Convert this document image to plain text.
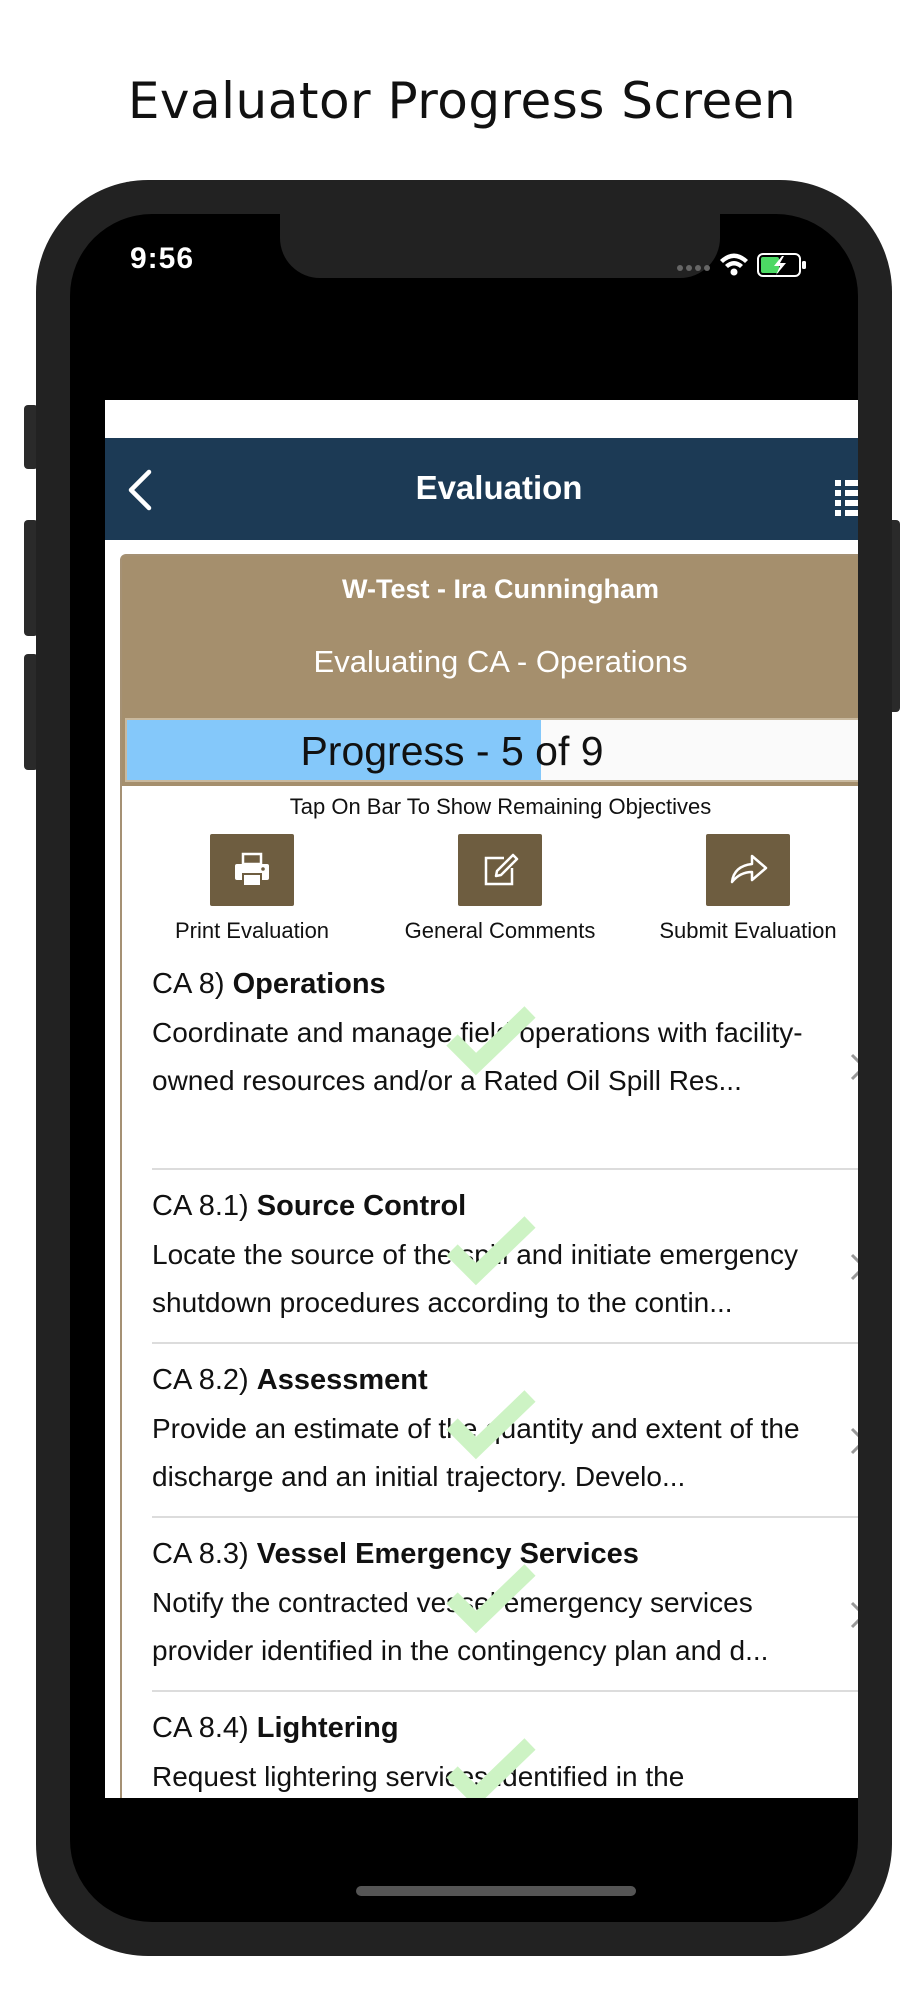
Evaluator Progress Screen
9:56
Evaluation
W-Test - Ira Cunningham
Evaluating CA - Operations
Progress - 5 of 9
Tap On Bar To Show Remaining Objectives
Print Evaluation	General Comments	Submit Evaluation
CA 8) Operations
Coordinate and manage field operations with facility-owned resources and/or a Rated Oil Spill Res...
CA 8.1) Source Control
Locate the source of the spill and initiate emergency shutdown procedures according to the contin...
CA 8.2) Assessment
Provide an estimate of the quantity and extent of the discharge and an initial trajectory. Develo...
CA 8.3) Vessel Emergency Services
Notify the contracted vessel emergency services provider identified in the contingency plan and d...
CA 8.4) Lightering
Request lightering services identified in the
